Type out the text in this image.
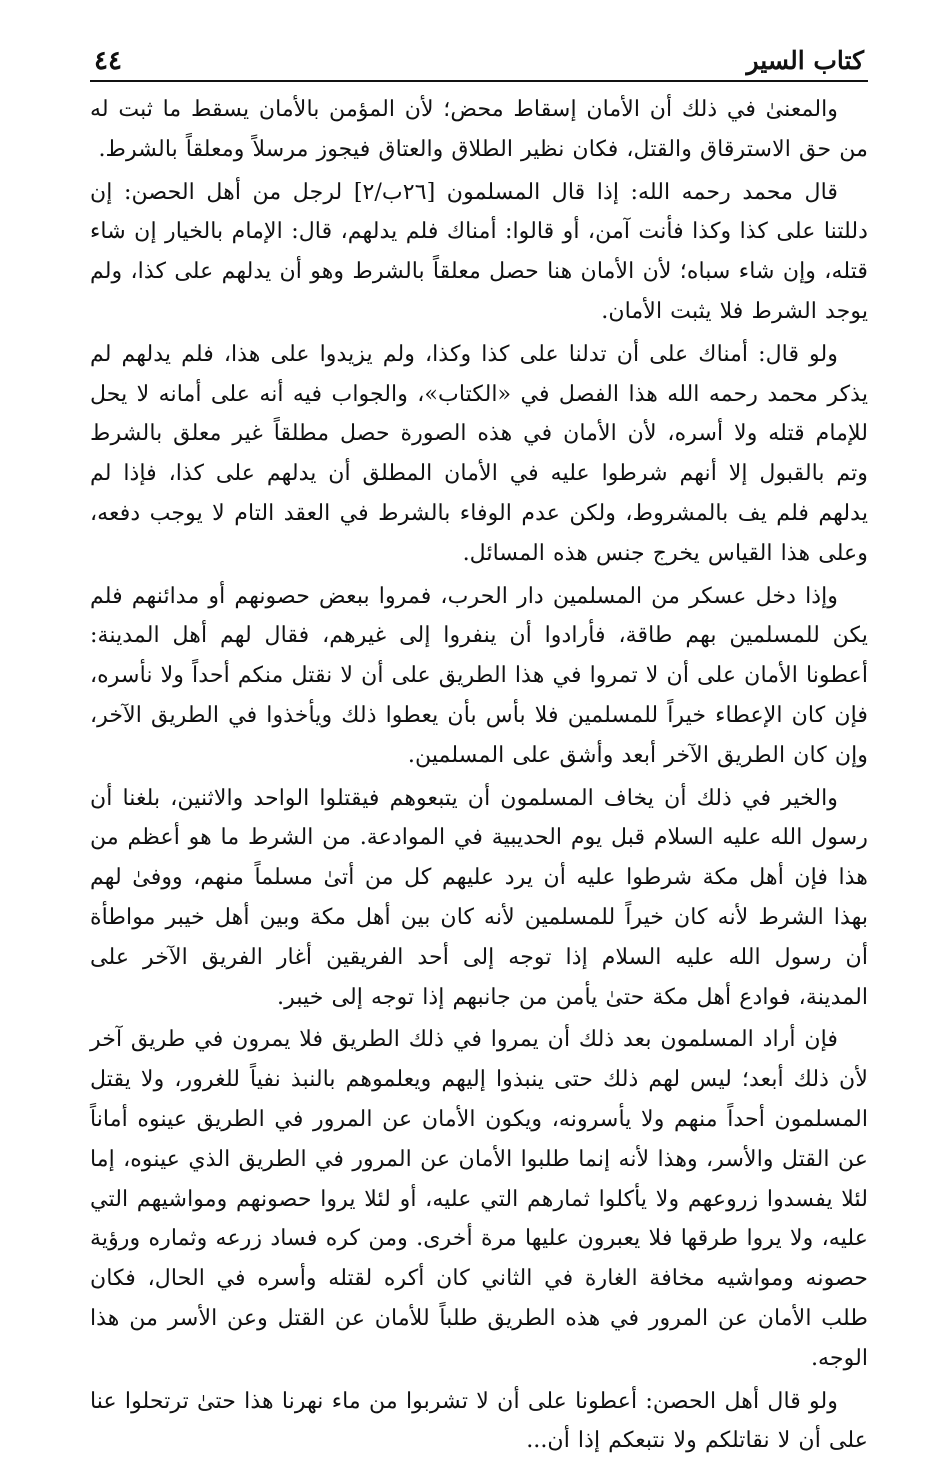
كتاب السير
٤٤

والمعنىٰ في ذلك أن الأمان إسقاط محض؛ لأن المؤمن بالأمان يسقط ما ثبت له من حق الاسترقاق والقتل، فكان نظير الطلاق والعتاق فيجوز مرسلاً ومعلقاً بالشرط.

قال محمد رحمه الله: إذا قال المسلمون [٢٦ب/٢] لرجل من أهل الحصن: إن دللتنا على كذا وكذا فأنت آمن، أو قالوا: أمناك فلم يدلهم، قال: الإمام بالخيار إن شاء قتله، وإن شاء سباه؛ لأن الأمان هنا حصل معلقاً بالشرط وهو أن يدلهم على كذا، ولم يوجد الشرط فلا يثبت الأمان.

ولو قال: أمناك على أن تدلنا على كذا وكذا، ولم يزيدوا على هذا، فلم يدلهم لم يذكر محمد رحمه الله هذا الفصل في «الكتاب»، والجواب فيه أنه على أمانه لا يحل للإمام قتله ولا أسره، لأن الأمان في هذه الصورة حصل مطلقاً غير معلق بالشرط وتم بالقبول إلا أنهم شرطوا عليه في الأمان المطلق أن يدلهم على كذا، فإذا لم يدلهم فلم يف بالمشروط، ولكن عدم الوفاء بالشرط في العقد التام لا يوجب دفعه، وعلى هذا القياس يخرج جنس هذه المسائل.

وإذا دخل عسكر من المسلمين دار الحرب، فمروا ببعض حصونهم أو مدائنهم فلم يكن للمسلمين بهم طاقة، فأرادوا أن ينفروا إلى غيرهم، فقال لهم أهل المدينة: أعطونا الأمان على أن لا تمروا في هذا الطريق على أن لا نقتل منكم أحداً ولا نأسره، فإن كان الإعطاء خيراً للمسلمين فلا بأس بأن يعطوا ذلك ويأخذوا في الطريق الآخر، وإن كان الطريق الآخر أبعد وأشق على المسلمين.

والخير في ذلك أن يخاف المسلمون أن يتبعوهم فيقتلوا الواحد والاثنين، بلغنا أن رسول الله عليه السلام قبل يوم الحديبية في الموادعة. من الشرط ما هو أعظم من هذا فإن أهل مكة شرطوا عليه أن يرد عليهم كل من أتىٰ مسلماً منهم، ووفىٰ لهم بهذا الشرط لأنه كان خيراً للمسلمين لأنه كان بين أهل مكة وبين أهل خيبر مواطأة أن رسول الله عليه السلام إذا توجه إلى أحد الفريقين أغار الفريق الآخر على المدينة، فوادع أهل مكة حتىٰ يأمن من جانبهم إذا توجه إلى خيبر.

فإن أراد المسلمون بعد ذلك أن يمروا في ذلك الطريق فلا يمرون في طريق آخر لأن ذلك أبعد؛ ليس لهم ذلك حتى ينبذوا إليهم ويعلموهم بالنبذ نفياً للغرور، ولا يقتل المسلمون أحداً منهم ولا يأسرونه، ويكون الأمان عن المرور في الطريق عينوه أماناً عن القتل والأسر، وهذا لأنه إنما طلبوا الأمان عن المرور في الطريق الذي عينوه، إما لئلا يفسدوا زروعهم ولا يأكلوا ثمارهم التي عليه، أو لئلا يروا حصونهم ومواشيهم التي عليه، ولا يروا طرقها فلا يعبرون عليها مرة أخرى. ومن كره فساد زرعه وثماره ورؤية حصونه ومواشيه مخافة الغارة في الثاني كان أكره لقتله وأسره في الحال، فكان طلب الأمان عن المرور في هذه الطريق طلباً للأمان عن القتل وعن الأسر من هذا الوجه.

ولو قال أهل الحصن: أعطونا على أن لا تشربوا من ماء نهرنا هذا حتىٰ ترتحلوا عنا على أن لا نقاتلكم ولا نتبعكم إذا أن...
